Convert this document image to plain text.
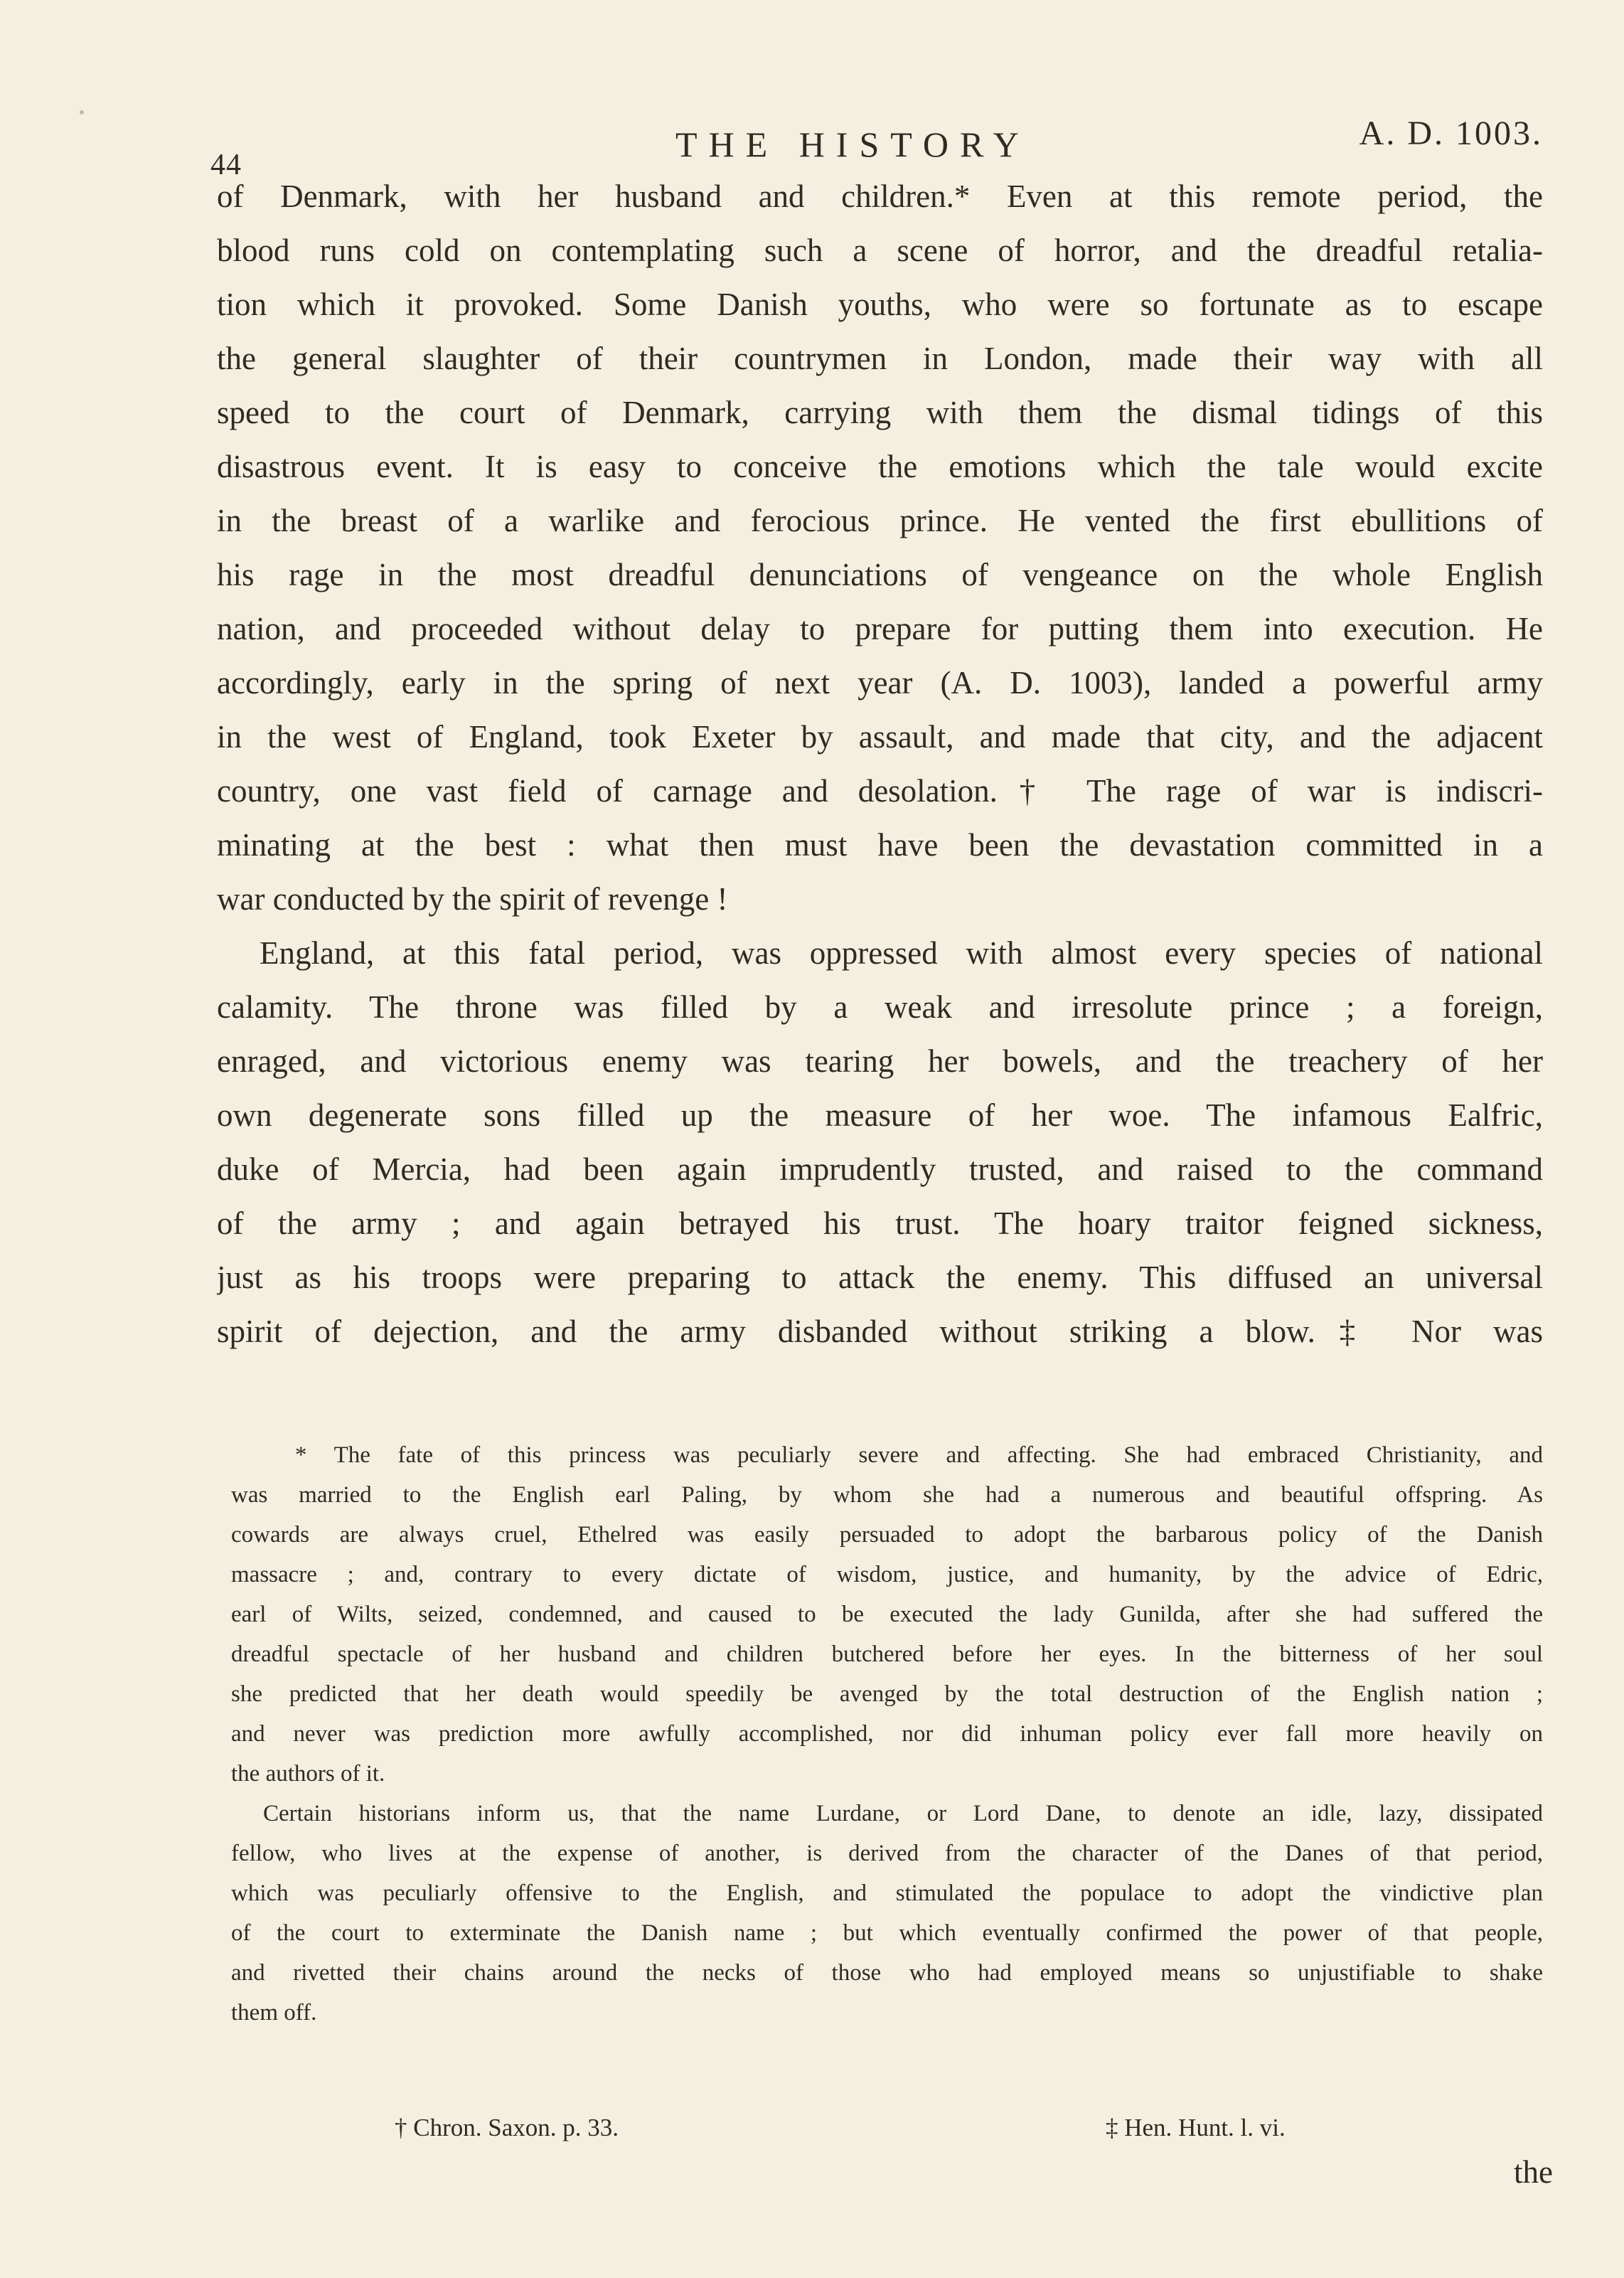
44
THE HISTORY	A. D. 1003.
of Denmark, with her husband and children.* Even at this remote period, the
blood runs cold on contemplating such a scene of horror, and the dreadful retalia-
tion which it provoked. Some Danish youths, who were so fortunate as to escape
the general slaughter of their countrymen in London, made their way with all
speed to the court of Denmark, carrying with them the dismal tidings of this
disastrous event. It is easy to conceive the emotions which the tale would excite
in the breast of a warlike and ferocious prince. He vented the first ebullitions of
his rage in the most dreadful denunciations of vengeance on the whole English
nation, and proceeded without delay to prepare for putting them into execution. He
accordingly, early in the spring of next year (A. D. 1003), landed a powerful army
in the west of England, took Exeter by assault, and made that city, and the adjacent
country, one vast field of carnage and desolation.† The rage of war is indiscri-
minating at the best : what then must have been the devastation committed in a
war conducted by the spirit of revenge !
England, at this fatal period, was oppressed with almost every species of national
calamity. The throne was filled by a weak and irresolute prince ; a foreign,
enraged, and victorious enemy was tearing her bowels, and the treachery of her
own degenerate sons filled up the measure of her woe. The infamous Ealfric,
duke of Mercia, had been again imprudently trusted, and raised to the command
of the army ; and again betrayed his trust. The hoary traitor feigned sickness,
just as his troops were preparing to attack the enemy. This diffused an universal
spirit of dejection, and the army disbanded without striking a blow.‡ Nor was
* The fate of this princess was peculiarly severe and affecting. She had embraced Christianity, and
was married to the English earl Paling, by whom she had a numerous and beautiful offspring. As
cowards are always cruel, Ethelred was easily persuaded to adopt the barbarous policy of the Danish
massacre ; and, contrary to every dictate of wisdom, justice, and humanity, by the advice of Edric,
earl of Wilts, seized, condemned, and caused to be executed the lady Gunilda, after she had suffered the
dreadful spectacle of her husband and children butchered before her eyes. In the bitterness of her soul
she predicted that her death would speedily be avenged by the total destruction of the English nation ;
and never was prediction more awfully accomplished, nor did inhuman policy ever fall more heavily on
the authors of it.
Certain historians inform us, that the name Lurdane, or Lord Dane, to denote an idle, lazy, dissipated
fellow, who lives at the expense of another, is derived from the character of the Danes of that period,
which was peculiarly offensive to the English, and stimulated the populace to adopt the vindictive plan
of the court to exterminate the Danish name ; but which eventually confirmed the power of that people,
and rivetted their chains around the necks of those who had employed means so unjustifiable to shake
them off.
† Chron. Saxon. p. 33.	‡ Hen. Hunt. l. vi.
the
